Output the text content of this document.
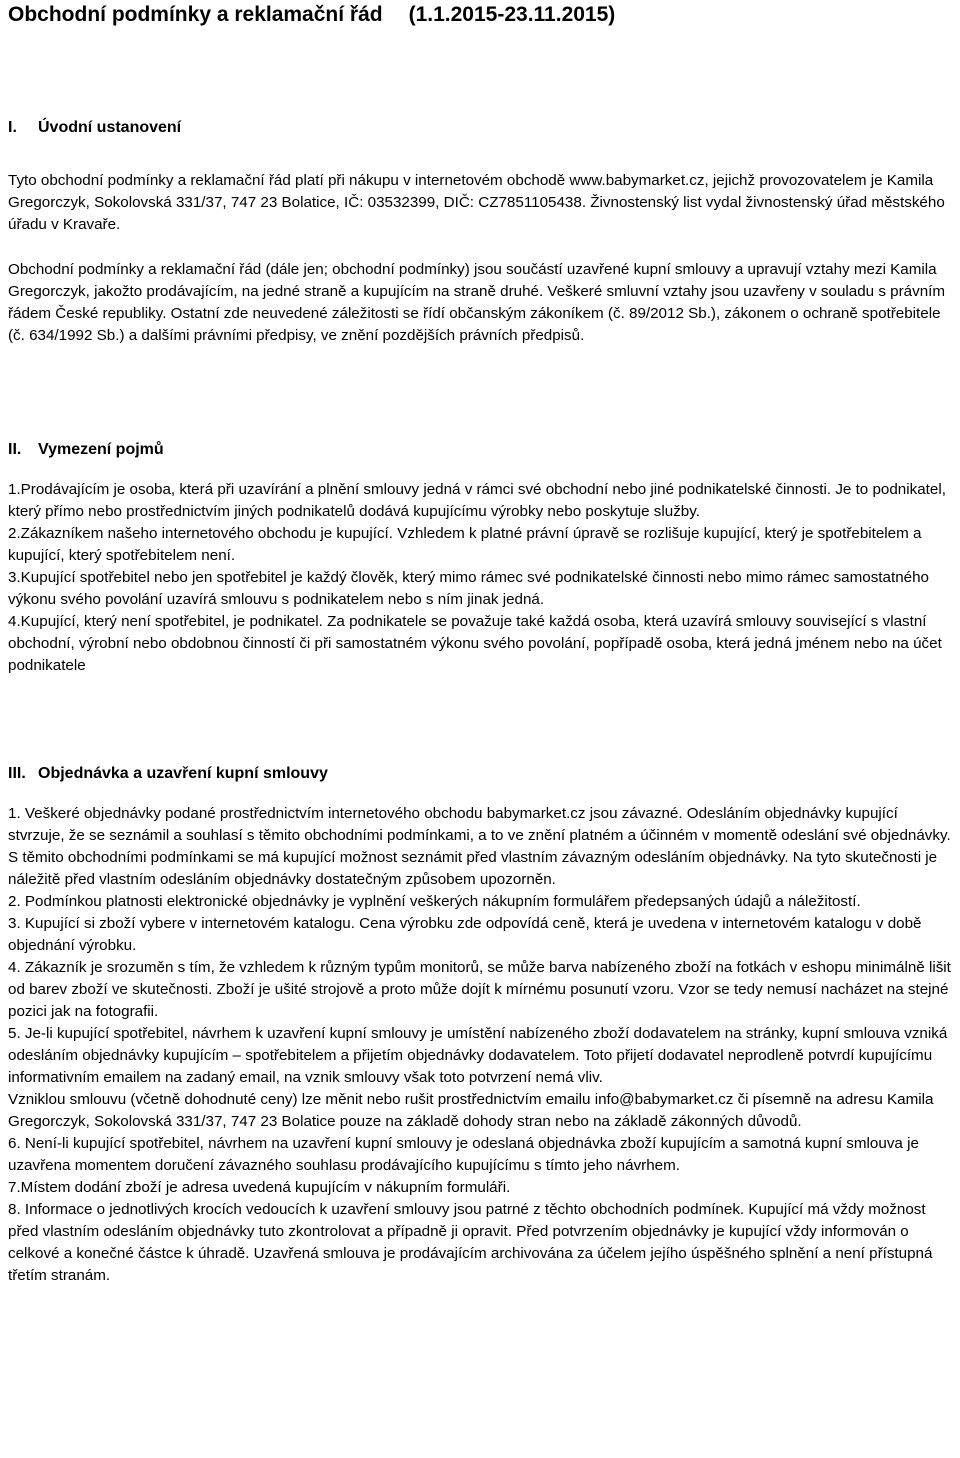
Obchodní podmínky a reklamační řád (1.1.2015-23.11.2015)
I. Úvodní ustanovení

Tyto obchodní podmínky a reklamační řád platí při nákupu v internetovém obchodě www.babymarket.cz, jejichž provozovatelem je Kamila Gregorczyk, Sokolovská 331/37, 747 23 Bolatice, IČ: 03532399, DIČ: CZ7851105438. Živnostenský list vydal živnostenský úřad městského úřadu v Kravaře.

Obchodní podmínky a reklamační řád (dále jen; obchodní podmínky) jsou součástí uzavřené kupní smlouvy a upravují vztahy mezi Kamila Gregorczyk, jakožto prodávajícím, na jedné straně a kupujícím na straně druhé. Veškeré smluvní vztahy jsou uzavřeny v souladu s právním řádem České republiky. Ostatní zde neuvedené záležitosti se řídí občanským zákoníkem (č. 89/2012 Sb.), zákonem o ochraně spotřebitele (č. 634/1992 Sb.) a dalšími právními předpisy, ve znění pozdějších právních předpisů.

II. Vymezení pojmů

1.Prodávajícím je osoba, která při uzavírání a plnění smlouvy jedná v rámci své obchodní nebo jiné podnikatelské činnosti. Je to podnikatel, který přímo nebo prostřednictvím jiných podnikatelů dodává kupujícímu výrobky nebo poskytuje služby.

2.Zákazníkem našeho internetového obchodu je kupující. Vzhledem k platné právní úpravě se rozlišuje kupující, který je spotřebitelem a kupující, který spotřebitelem není.

3.Kupující spotřebitel nebo jen spotřebitel je každý člověk, který mimo rámec své podnikatelské činnosti nebo mimo rámec samostatného výkonu svého povolání uzavírá smlouvu s podnikatelem nebo s ním jinak jedná.

4.Kupující, který není spotřebitel, je podnikatel. Za podnikatele se považuje také každá osoba, která uzavírá smlouvy související s vlastní obchodní, výrobní nebo obdobnou činností či při samostatném výkonu svého povolání, popřípadě osoba, která jedná jménem nebo na účet podnikatele

III. Objednávka a uzavření kupní smlouvy

1. Veškeré objednávky podané prostřednictvím internetového obchodu babymarket.cz jsou závazné. Odesláním objednávky kupující stvrzuje, že se seznámil a souhlasí s těmito obchodními podmínkami, a to ve znění platném a účinném v momentě odeslání své objednávky. S těmito obchodními podmínkami se má kupující možnost seznámit před vlastním závazným odesláním objednávky. Na tyto skutečnosti je náležitě před vlastním odesláním objednávky dostatečným způsobem upozorněn.

2. Podmínkou platnosti elektronické objednávky je vyplnění veškerých nákupním formulářem předepsaných údajů a náležitostí.

3. Kupující si zboží vybere v internetovém katalogu. Cena výrobku zde odpovídá ceně, která je uvedena v internetovém katalogu v době objednání výrobku.

4. Zákazník je srozuměn s tím, že vzhledem k různým typům monitorů, se může barva nabízeného zboží na fotkách v eshopu minimálně lišit od barev zboží ve skutečnosti. Zboží je ušité strojově a proto může dojít k mírnému posunutí vzoru. Vzor se tedy nemusí nacházet na stejné pozici jak na fotografii.

5. Je-li kupující spotřebitel, návrhem k uzavření kupní smlouvy je umístění nabízeného zboží dodavatelem na stránky, kupní smlouva vzniká odesláním objednávky kupujícím – spotřebitelem a přijetím objednávky dodavatelem. Toto přijetí dodavatel neprodleně potvrdí kupujícímu informativním emailem na zadaný email, na vznik smlouvy však toto potvrzení nemá vliv.

Vzniklou smlouvu (včetně dohodnuté ceny) lze měnit nebo rušit prostřednictvím emailu info@babymarket.cz či písemně na adresu Kamila Gregorczyk, Sokolovská 331/37, 747 23 Bolatice pouze na základě dohody stran nebo na základě zákonných důvodů.

6. Není-li kupující spotřebitel, návrhem na uzavření kupní smlouvy je odeslaná objednávka zboží kupujícím a samotná kupní smlouva je uzavřena momentem doručení závazného souhlasu prodávajícího kupujícímu s tímto jeho návrhem.

7.Místem dodání zboží je adresa uvedená kupujícím v nákupním formuláři.

8. Informace o jednotlivých krocích vedoucích k uzavření smlouvy jsou patrné z těchto obchodních podmínek. Kupující má vždy možnost před vlastním odesláním objednávky tuto zkontrolovat a případně ji opravit. Před potvrzením objednávky je kupující vždy informován o celkové a konečné částce k úhradě. Uzavřená smlouva je prodávajícím archivována za účelem jejího úspěšného splnění a není přístupná třetím stranám.
